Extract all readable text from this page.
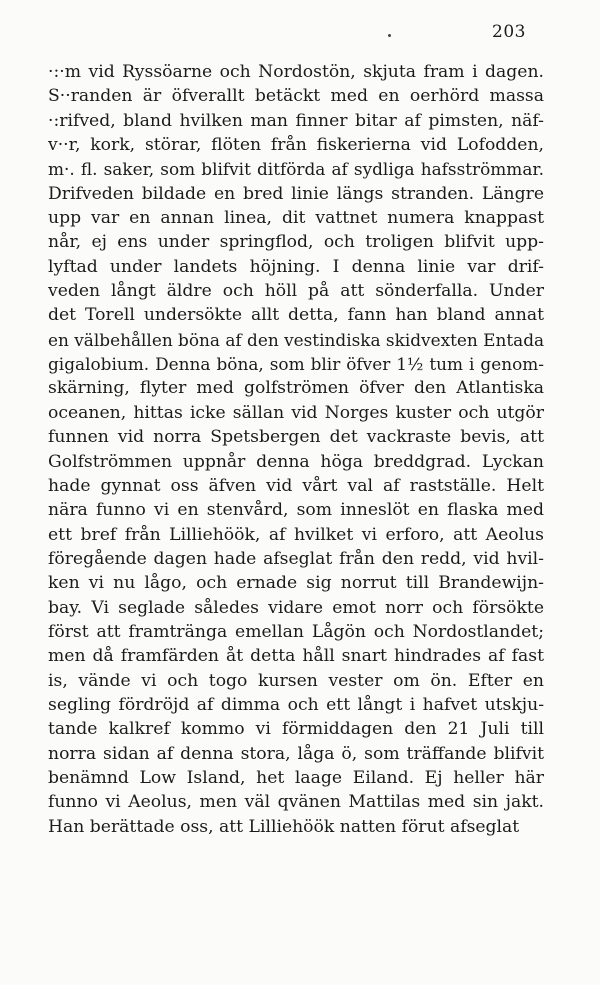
203
·:·m vid Ryssöarne och Nordostön, skjuta fram i dagen.
S··randen är öfverallt betäckt med en oerhörd massa
·:rifved, bland hvilken man finner bitar af pimsten, näf-
v··r, kork, störar, flöten från fiskerierna vid Lofodden,
m·. fl. saker, som blifvit ditförda af sydliga hafsströmmar.
Drifveden bildade en bred linie längs stranden. Längre
upp var en annan linea, dit vattnet numera knappast
når, ej ens under springflod, och troligen blifvit upp-
lyftad under landets höjning. I denna linie var drif-
veden långt äldre och höll på att sönderfalla. Under
det Torell undersökte allt detta, fann han bland annat
en välbehållen böna af den vestindiska skidvexten Entada
gigalobium. Denna böna, som blir öfver 1½ tum i genom-
skärning, flyter med golfströmen öfver den Atlantiska
oceanen, hittas icke sällan vid Norges kuster och utgör
funnen vid norra Spetsbergen det vackraste bevis, att
Golfströmmen uppnår denna höga breddgrad. Lyckan
hade gynnat oss äfven vid vårt val af rastställe. Helt
nära funno vi en stenvård, som inneslöt en flaska med
ett bref från Lilliehöök, af hvilket vi erforo, att Aeolus
föregående dagen hade afseglat från den redd, vid hvil-
ken vi nu lågo, och ernade sig norrut till Brandewijn-
bay. Vi seglade således vidare emot norr och försökte
först att framtränga emellan Lågön och Nordostlandet;
men då framfärden åt detta håll snart hindrades af fast
is, vände vi och togo kursen vester om ön. Efter en
segling fördröjd af dimma och ett långt i hafvet utskju-
tande kalkref kommo vi förmiddagen den 21 Juli till
norra sidan af denna stora, låga ö, som träffande blifvit
benämnd Low Island, het laage Eiland. Ej heller här
funno vi Aeolus, men väl qvänen Mattilas med sin jakt.
Han berättade oss, att Lilliehöök natten förut afseglat
